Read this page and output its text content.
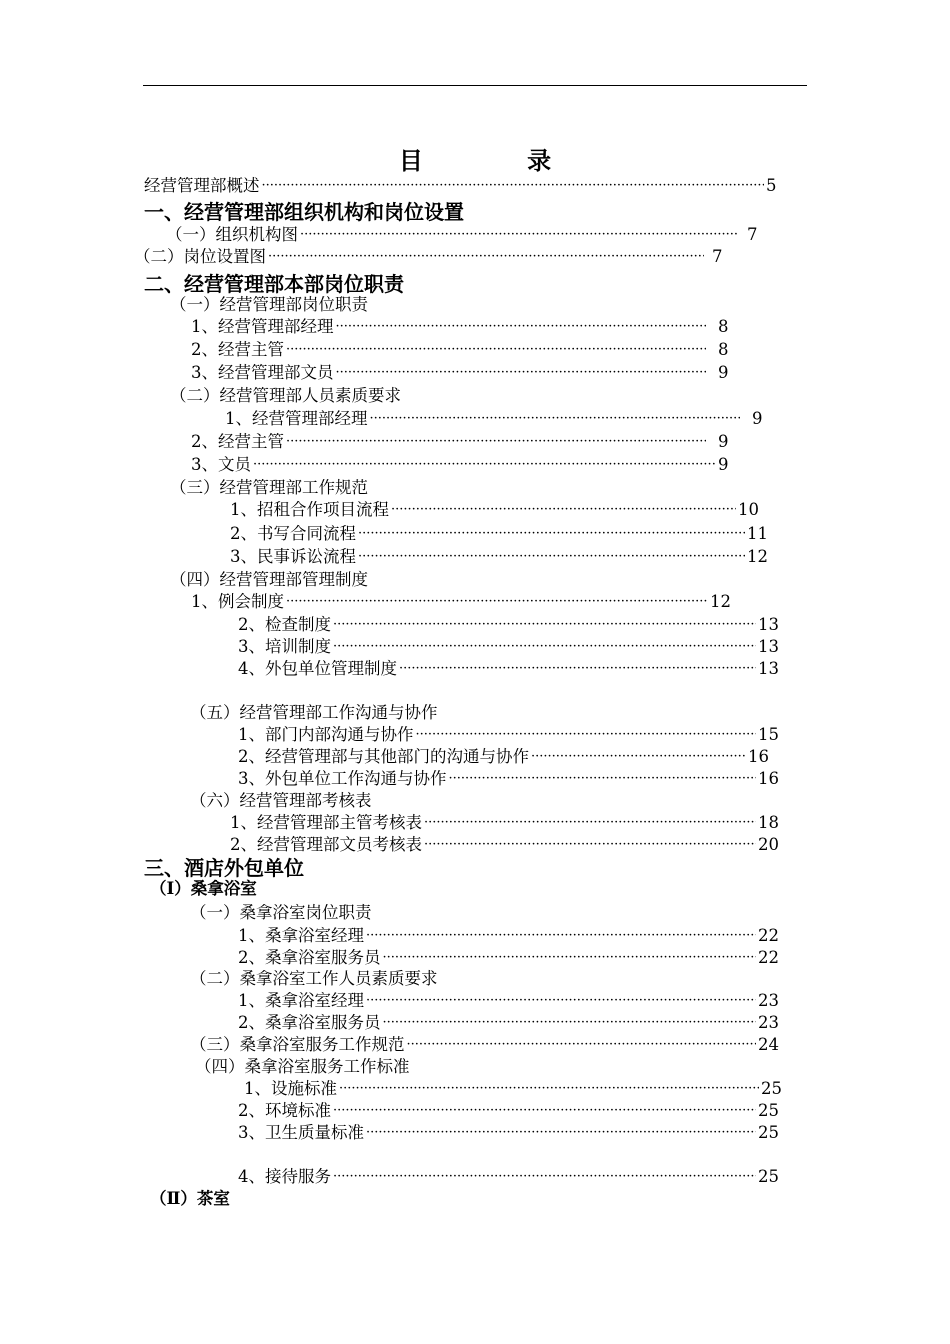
目 录
经营管理部概述 ·····	5
一、经营管理部组织机构和岗位设置
（一）组织机构图 ·····	7
（二）岗位设置图 ·····	7
二、经营管理部本部岗位职责
（一）经营管理部岗位职责
1、经营管理部经理 ·····	8
2、经营主管 ·····	8
3、经营管理部文员 ·····	9
（二）经营管理部人员素质要求
1、经营管理部经理 ·····	9
2、经营主管 ·····	9
3、文员 ·····	9
（三）经营管理部工作规范
1、招租合作项目流程 ·····	10
2、书写合同流程 ·····	11
3、民事诉讼流程 ·····	12
（四）经营管理部管理制度
1、例会制度 ·····	12
2、检查制度 ·····	13
3、培训制度 ·····	13
4、外包单位管理制度 ·····	13
（五）经营管理部工作沟通与协作
1、部门内部沟通与协作 ·····	15
2、经营管理部与其他部门的沟通与协作 ·····	16
3、外包单位工作沟通与协作 ·····	16
（六）经营管理部考核表
1、经营管理部主管考核表 ·····	18
2、经营管理部文员考核表 ·····	20
三、酒店外包单位
（Ⅰ）桑拿浴室
（一）桑拿浴室岗位职责
1、桑拿浴室经理 ·····	22
2、桑拿浴室服务员 ·····	22
（二）桑拿浴室工作人员素质要求
1、桑拿浴室经理 ·····	23
2、桑拿浴室服务员 ·····	23
（三）桑拿浴室服务工作规范 ·····	24
（四）桑拿浴室服务工作标准
1、设施标准 ·····	25
2、环境标准 ·····	25
3、卫生质量标准 ·····	25
4、接待服务 ·····	25
（Ⅱ）茶室
